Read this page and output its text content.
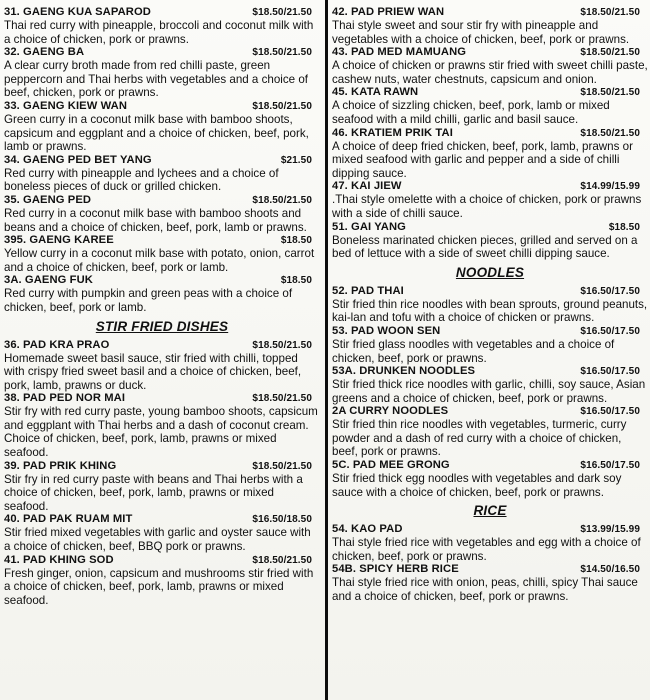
31. GAENG KUA SAPAROD	$18.50/21.50

Thai red curry with pineapple, broccoli and coconut milk with a choice of chicken, pork or prawns.

32. GAENG BA	$18.50/21.50

A clear curry broth made from red chilli paste, green peppercorn and Thai herbs with vegetables and a choice of beef, chicken, pork or prawns.

33. GAENG KIEW WAN	$18.50/21.50

Green curry in a coconut milk base with bamboo shoots, capsicum and eggplant and a choice of chicken, beef, pork, lamb or prawns.

34. GAENG PED BET YANG	$21.50

Red curry with pineapple and lychees and a choice of boneless pieces of duck or grilled chicken.

35. GAENG PED	$18.50/21.50

Red curry in a coconut milk base with bamboo shoots and beans and a choice of chicken, beef, pork, lamb or prawns.

395. GAENG KAREE	$18.50

Yellow curry in a coconut milk base with potato, onion, carrot and a choice of chicken, beef, pork or lamb.

3A. GAENG FUK	$18.50

Red curry with pumpkin and green peas with a choice of chicken, beef, pork or lamb.

STIR FRIED DISHES
36. PAD KRA PRAO	$18.50/21.50

Homemade sweet basil sauce, stir fried with chilli, topped with crispy fried sweet basil and a choice of chicken, beef, pork, lamb, prawns or duck.

38. PAD PED NOR MAI	$18.50/21.50

Stir fry with red curry paste, young bamboo shoots, capsicum and eggplant with Thai herbs and a dash of coconut cream. Choice of chicken, beef, pork, lamb, prawns or mixed seafood.

39. PAD PRIK KHING	$18.50/21.50

Stir fry in red curry paste with beans and Thai herbs with a choice of chicken, beef, pork, lamb, prawns or mixed seafood.

40. PAD PAK RUAM MIT	$16.50/18.50

Stir fried mixed vegetables with garlic and oyster sauce with a choice of chicken, beef, BBQ pork or prawns.

41. PAD KHING SOD	$18.50/21.50

Fresh ginger, onion, capsicum and mushrooms stir fried with a choice of chicken, beef, pork, lamb, prawns or mixed seafood.

42. PAD PRIEW WAN	$18.50/21.50

Thai style sweet and sour stir fry with pineapple and vegetables with a choice of chicken, beef, pork or prawns.

43. PAD MED MAMUANG	$18.50/21.50

A choice of chicken or prawns stir fried with sweet chilli paste, cashew nuts, water chestnuts, capsicum and onion.

45. KATA RAWN	$18.50/21.50

A choice of sizzling chicken, beef, pork, lamb or mixed seafood with a mild chilli, garlic and basil sauce.

46. KRATIEM PRIK TAI	$18.50/21.50

A choice of deep fried chicken, beef, pork, lamb, prawns or mixed seafood with garlic and pepper and a side of chilli dipping sauce.

47. KAI JIEW	$14.99/15.99

.Thai style omelette with a choice of chicken, pork or prawns with a side of chilli sauce.

51. GAI YANG	$18.50

Boneless marinated chicken pieces, grilled and served on a bed of lettuce with a side of sweet chilli dipping sauce.

NOODLES
52. PAD THAI	$16.50/17.50

Stir fried thin rice noodles with bean sprouts, ground peanuts, kai-lan and tofu with a choice of chicken or prawns.

53. PAD WOON SEN	$16.50/17.50

Stir fried glass noodles with vegetables and a choice of chicken, beef, pork or prawns.

53A. DRUNKEN NOODLES	$16.50/17.50

Stir fried thick rice noodles with garlic, chilli, soy sauce, Asian greens and a choice of chicken, beef, pork or prawns.

2A CURRY NOODLES	$16.50/17.50

Stir fried thin rice noodles with vegetables, turmeric, curry powder and a dash of red curry with a choice of chicken, beef, pork or prawns.

5C. PAD MEE GRONG	$16.50/17.50

Stir fried thick egg noodles with vegetables and dark soy sauce with a choice of chicken, beef, pork or prawns.

RICE
54. KAO PAD	$13.99/15.99

Thai style fried rice with vegetables and egg with a choice of chicken, beef, pork or prawns.

54B. SPICY HERB RICE	$14.50/16.50

Thai style fried rice with onion, peas, chilli, spicy Thai sauce and a choice of chicken, beef, pork or prawns.
